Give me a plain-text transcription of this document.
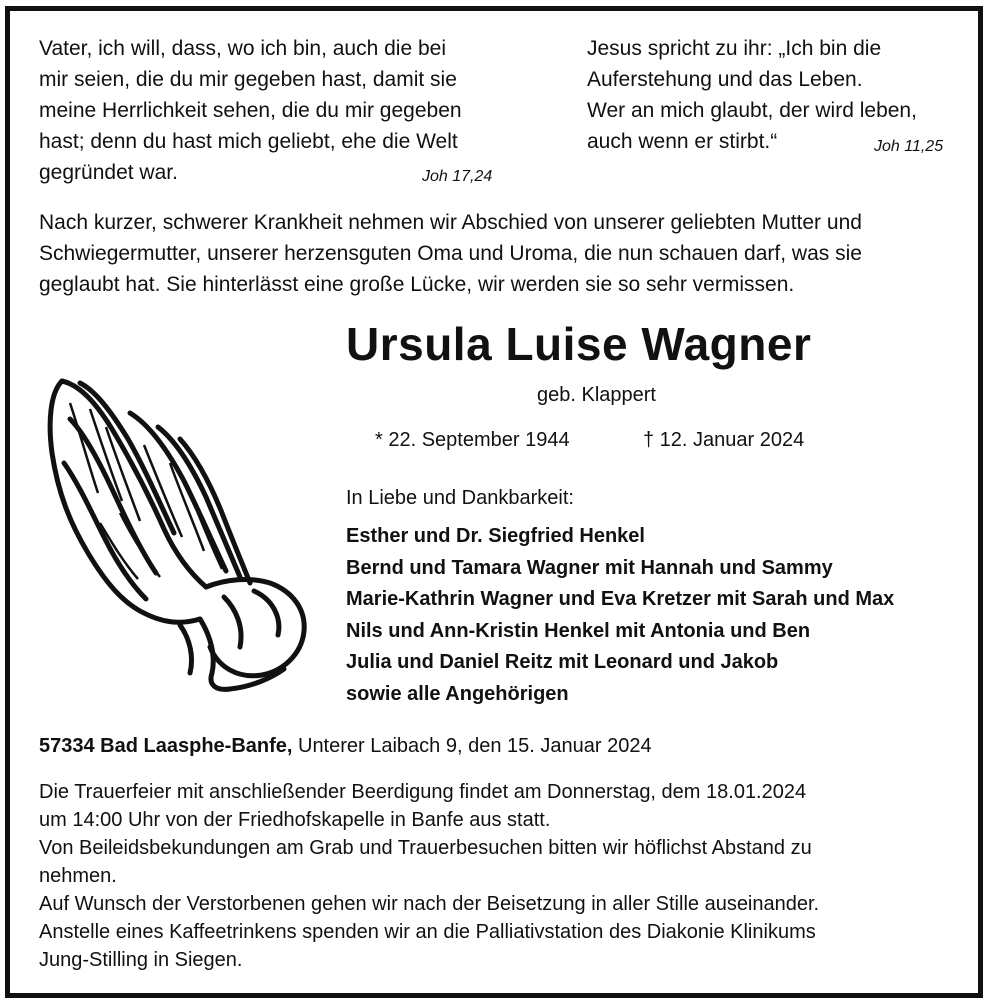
Vater, ich will, dass, wo ich bin, auch die bei
mir seien, die du mir gegeben hast, damit sie
meine Herrlichkeit sehen, die du mir gegeben
hast; denn du hast mich geliebt, ehe die Welt
gegründet war.	Joh 17,24
Jesus spricht zu ihr: „Ich bin die
Auferstehung und das Leben.
Wer an mich glaubt, der wird leben,
auch wenn er stirbt.“	Joh 11,25
Nach kurzer, schwerer Krankheit nehmen wir Abschied von unserer geliebten Mutter und
Schwiegermutter, unserer herzensguten Oma und Uroma, die nun schauen darf, was sie
geglaubt hat. Sie hinterlässt eine große Lücke, wir werden sie so sehr vermissen.
Ursula Luise Wagner
geb. Klappert
* 22. September 1944	† 12. Januar 2024
In Liebe und Dankbarkeit:
Esther und Dr. Siegfried Henkel
Bernd und Tamara Wagner mit Hannah und Sammy
Marie-Kathrin Wagner und Eva Kretzer mit Sarah und Max
Nils und Ann-Kristin Henkel mit Antonia und Ben
Julia und Daniel Reitz mit Leonard und Jakob
sowie alle Angehörigen
57334 Bad Laasphe-Banfe, Unterer Laibach 9, den 15. Januar 2024
Die Trauerfeier mit anschließender Beerdigung findet am Donnerstag, dem 18.01.2024
um 14:00 Uhr von der Friedhofskapelle in Banfe aus statt.
Von Beileidsbekundungen am Grab und Trauerbesuchen bitten wir höflichst Abstand zu
nehmen.
Auf Wunsch der Verstorbenen gehen wir nach der Beisetzung in aller Stille auseinander.
Anstelle eines Kaffeetrinkens spenden wir an die Palliativstation des Diakonie Klinikums
Jung-Stilling in Siegen.
